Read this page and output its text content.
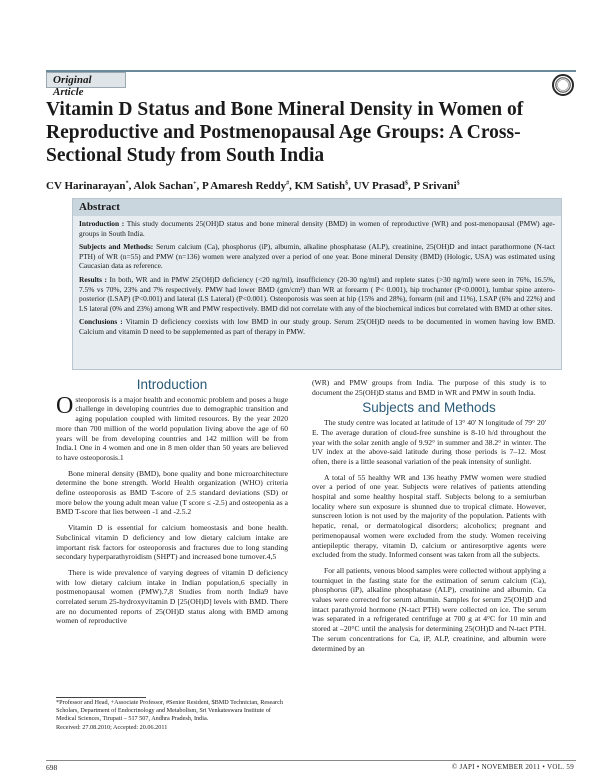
Original Article
Vitamin D Status and Bone Mineral Density in Women of Reproductive and Postmenopausal Age Groups: A Cross-Sectional Study from South India
CV Harinarayan*, Alok Sachan+, P Amaresh Reddy#, KM Satish$, UV Prasad$, P Srivani$
Abstract

Introduction : This study documents 25(OH)D status and bone mineral density (BMD) in women of reproductive (WR) and post-menopausal (PMW) age-groups in South India.

Subjects and Methods: Serum calcium (Ca), phosphorus (iP), albumin, alkaline phosphatase (ALP), creatinine, 25(OH)D and intact parathormone (N-tact PTH) of WR (n=55) and PMW (n=136) women were analyzed over a period of one year. Bone mineral Density (BMD) (Hologic, USA) was estimated using Caucasian data as reference.

Results : In both, WR and in PMW 25(OH)D deficiency (<20 ng/ml), insufficiency (20-30 ng/ml) and replete states (>30 ng/ml) were seen in 76%, 16.5%, 7.5% vs 70%, 23% and 7% respectively. PMW had lower BMD (gm/cm²) than WR at forearm ( P< 0.001), hip trochanter (P<0.0001), lumbar spine antero-posterior (LSAP) (P<0.001) and lateral (LS Lateral) (P<0.001). Osteoporosis was seen at hip (15% and 28%), forearm (nil and 11%), LSAP (6% and 22%) and LS lateral (0% and 23%) among WR and PMW respectively. BMD did not correlate with any of the biochemical indices but correlated with BMD at other sites.

Conclusions : Vitamin D deficiency coexists with low BMD in our study group. Serum 25(OH)D needs to be documented in women having low BMD. Calcium and vitamin D need to be supplemented as part of therapy in PMW.

Introduction

Osteoporosis is a major health and economic problem and poses a huge challenge in developing countries due to demographic transition and aging population coupled with limited resources. By the year 2020 more than 700 million of the world population living above the age of 60 years will be from developing countries and 142 million will be from India.1 One in 4 women and one in 8 men older than 50 years are believed to have osteoporosis.1

Bone mineral density (BMD), bone quality and bone microarchitecture determine the bone strength. World Health organization (WHO) criteria define osteoporosis as BMD T-score of 2.5 standard deviations (SD) or more below the young adult mean value (T score ≤ -2.5) and osteopenia as a BMD T-score that lies between -1 and -2.5.2

Vitamin D is essential for calcium homeostasis and bone health. Subclinical vitamin D deficiency and low dietary calcium intake are important risk factors for osteoporosis and fractures due to long standing secondary hyperparathyroidism (SHPT) and increased bone turnover.4,5

There is wide prevalence of varying degrees of vitamin D deficiency with low dietary calcium intake in Indian population,6 specially in postmenopausal women (PMW).7,8 Studies from north India9 have correlated serum 25-hydroxyvitamin D [25(OH)D] levels with BMD. There are no documented reports of 25(OH)D status along with BMD among women of reproductive

(WR) and PMW groups from India. The purpose of this study is to document the 25(OH)D status and BMD in WR and PMW in south India.

Subjects and Methods

The study centre was located at latitude of 13° 40' N longitude of 79° 20' E. The average duration of cloud-free sunshine is 8-10 h/d throughout the year with the solar zenith angle of 9.92° in summer and 38.2° in winter. The UV index at the above-said latitude during those periods is 7–12. Most often, there is a little seasonal variation of the peak intensity of sunlight.

A total of 55 healthy WR and 136 heathy PMW women were studied over a period of one year. Subjects were relatives of patients attending hospital and some healthy hospital staff. Subjects belong to a semiurban locality where sun exposure is shunned due to tropical climate. However, sunscreen lotion is not used by the majority of the population. Patients with hepatic, renal, or dermatological disorders; alcoholics; pregnant and perimenopausal women were excluded from the study. Women receiving antiepileptic therapy, vitamin D, calcium or antiresorptive agents were excluded from the study. Informed consent was taken from all the subjects.

For all patients, venous blood samples were collected without applying a tourniquet in the fasting state for the estimation of serum calcium (Ca), phosphorus (iP), alkaline phosphatase (ALP), creatinine and albumin. Ca values were corrected for serum albumin. Samples for serum 25(OH)D and intact parathyroid hormone (N-tact PTH) were collected on ice. The serum was separated in a refrigerated centrifuge at 700 g at 4°C for 10 min and stored at –20°C until the analysis for determining 25(OH)D and N-tact PTH. The serum concentrations for Ca, iP, ALP, creatinine, and albumin were determined by an

*Professor and Head, +Associate Professor, #Senior Resident, $BMD Technician, Research Scholars, Department of Endocrinology and Metabolism, Sri Venkateswara Institute of Medical Sciences, Tirupati – 517 507, Andhra Pradesh, India.
Received: 27.08.2010; Accepted: 20.06.2011
698	© JAPI • NOVEMBER 2011 • VOL. 59
